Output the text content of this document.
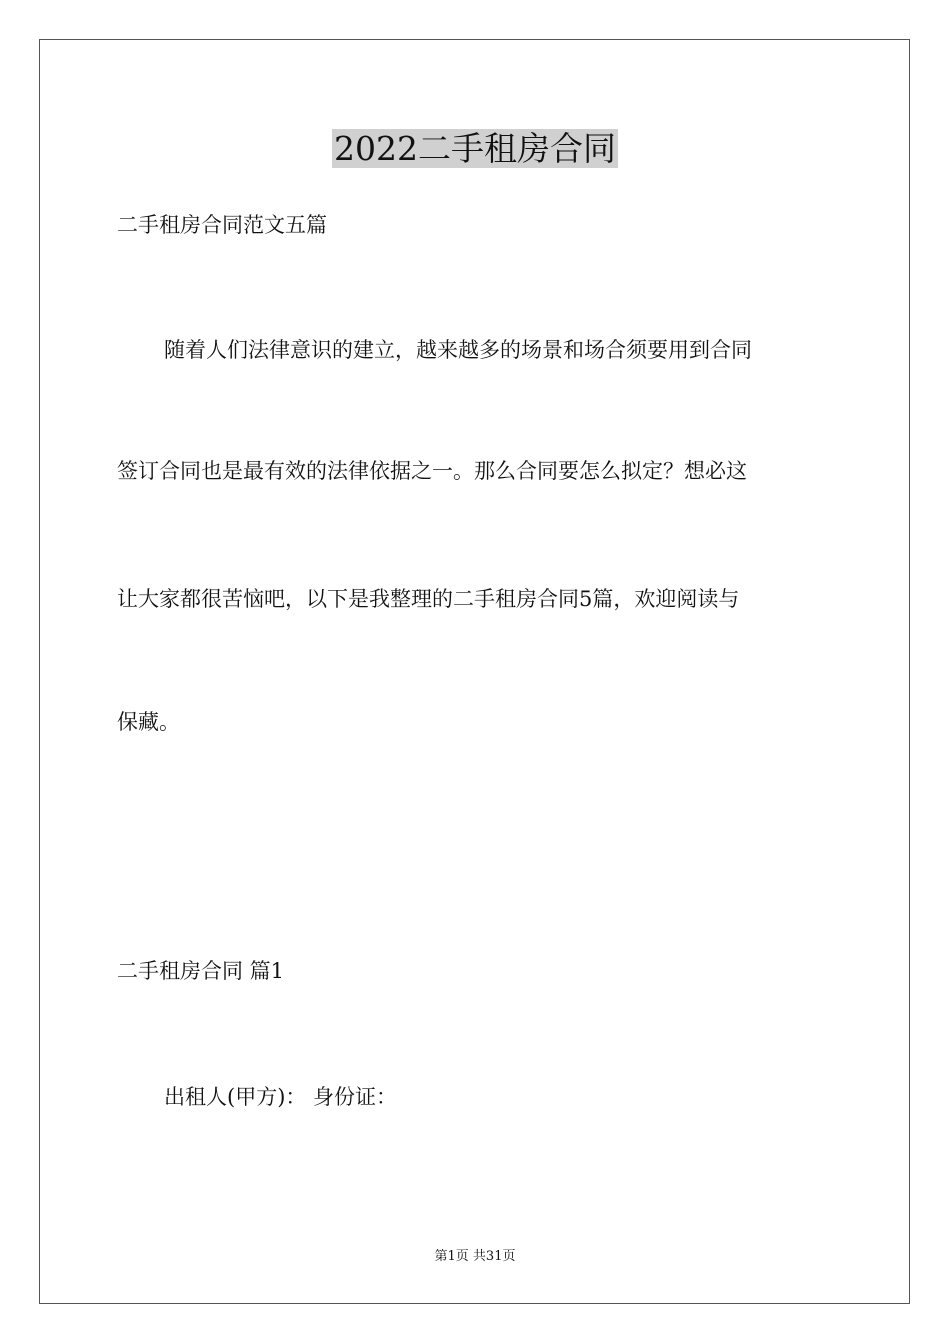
2022二手租房合同

二手租房合同范文五篇

随着人们法律意识的建立，越来越多的场景和场合须要用到合同

签订合同也是最有效的法律依据之一。那么合同要怎么拟定？想必这

让大家都很苦恼吧，以下是我整理的二手租房合同5篇，欢迎阅读与

保藏。

二手租房合同 篇1

出租人(甲方)： 身份证：

第1页 共31页
